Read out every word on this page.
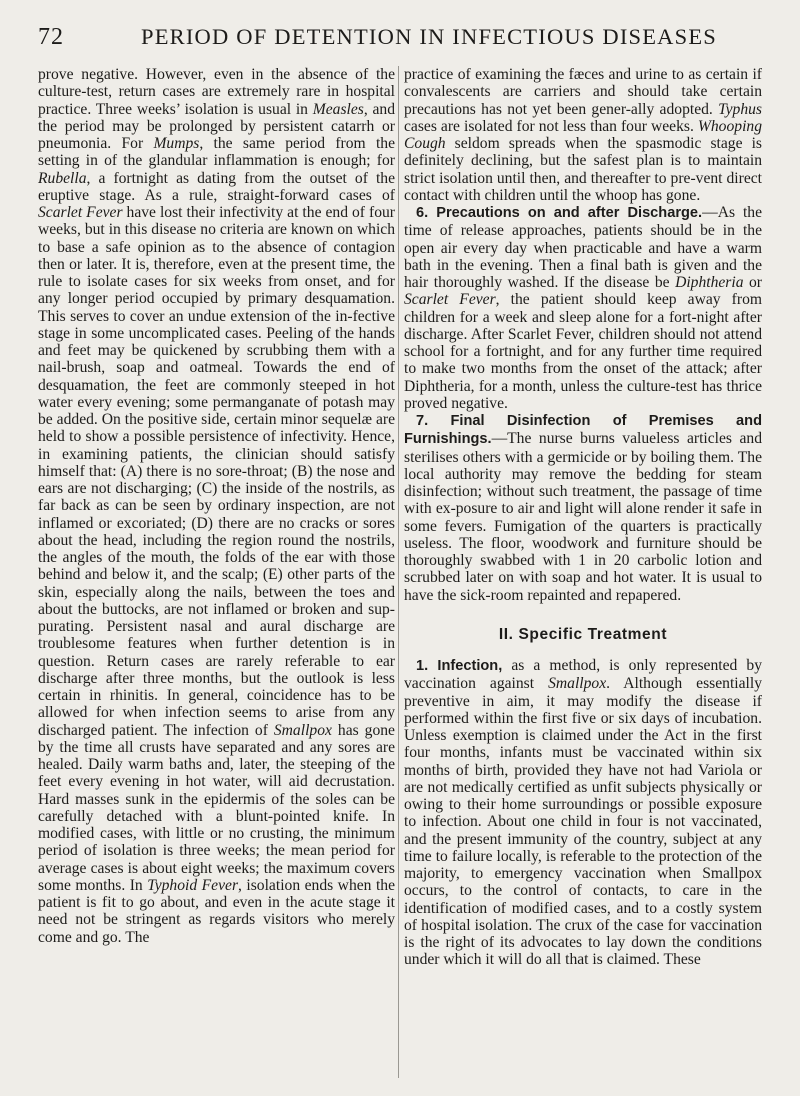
72	PERIOD OF DETENTION IN INFECTIOUS DISEASES

prove negative. However, even in the absence of the culture-test, return cases are extremely rare in hospital practice. Three weeks’ isolation is usual in Measles, and the period may be prolonged by persistent catarrh or pneumonia. For Mumps, the same period from the setting in of the glandular inflammation is enough; for Rubella, a fortnight as dating from the outset of the eruptive stage. As a rule, straight-forward cases of Scarlet Fever have lost their infectivity at the end of four weeks, but in this disease no criteria are known on which to base a safe opinion as to the absence of contagion then or later. It is, therefore, even at the present time, the rule to isolate cases for six weeks from onset, and for any longer period occupied by primary desquamation. This serves to cover an undue extension of the in-fective stage in some uncomplicated cases. Peeling of the hands and feet may be quickened by scrubbing them with a nail-brush, soap and oatmeal. Towards the end of desquamation, the feet are commonly steeped in hot water every evening; some permanganate of potash may be added. On the positive side, certain minor sequelæ are held to show a possible persistence of infectivity. Hence, in examining patients, the clinician should satisfy himself that: (A) there is no sore-throat; (B) the nose and ears are not discharging; (C) the inside of the nostrils, as far back as can be seen by ordinary inspection, are not inflamed or excoriated; (D) there are no cracks or sores about the head, including the region round the nostrils, the angles of the mouth, the folds of the ear with those behind and below it, and the scalp; (E) other parts of the skin, especially along the nails, between the toes and about the buttocks, are not inflamed or broken and sup-purating. Persistent nasal and aural discharge are troublesome features when further detention is in question. Return cases are rarely referable to ear discharge after three months, but the outlook is less certain in rhinitis. In general, coincidence has to be allowed for when infection seems to arise from any discharged patient. The infection of Smallpox has gone by the time all crusts have separated and any sores are healed. Daily warm baths and, later, the steeping of the feet every evening in hot water, will aid decrustation. Hard masses sunk in the epidermis of the soles can be carefully detached with a blunt-pointed knife. In modified cases, with little or no crusting, the minimum period of isolation is three weeks; the mean period for average cases is about eight weeks; the maximum covers some months. In Typhoid Fever, isolation ends when the patient is fit to go about, and even in the acute stage it need not be stringent as regards visitors who merely come and go. The

practice of examining the fæces and urine to as certain if convalescents are carriers and should take certain precautions has not yet been gener-ally adopted. Typhus cases are isolated for not less than four weeks. Whooping Cough seldom spreads when the spasmodic stage is definitely declining, but the safest plan is to maintain strict isolation until then, and thereafter to pre-vent direct contact with children until the whoop has gone.

6. Precautions on and after Discharge.—As the time of release approaches, patients should be in the open air every day when practicable and have a warm bath in the evening. Then a final bath is given and the hair thoroughly washed. If the disease be Diphtheria or Scarlet Fever, the patient should keep away from children for a week and sleep alone for a fort-night after discharge. After Scarlet Fever, children should not attend school for a fortnight, and for any further time required to make two months from the onset of the attack; after Diphtheria, for a month, unless the culture-test has thrice proved negative.

7. Final Disinfection of Premises and Furnishings.—The nurse burns valueless articles and sterilises others with a germicide or by boiling them. The local authority may remove the bedding for steam disinfection; without such treatment, the passage of time with ex-posure to air and light will alone render it safe in some fevers. Fumigation of the quarters is practically useless. The floor, woodwork and furniture should be thoroughly swabbed with 1 in 20 carbolic lotion and scrubbed later on with soap and hot water. It is usual to have the sick-room repainted and repapered.

II. Specific Treatment

1. Infection, as a method, is only represented by vaccination against Smallpox. Although essentially preventive in aim, it may modify the disease if performed within the first five or six days of incubation. Unless exemption is claimed under the Act in the first four months, infants must be vaccinated within six months of birth, provided they have not had Variola or are not medically certified as unfit subjects physically or owing to their home surroundings or possible exposure to infection. About one child in four is not vaccinated, and the present immunity of the country, subject at any time to failure locally, is referable to the protection of the majority, to emergency vaccination when Smallpox occurs, to the control of contacts, to care in the identification of modified cases, and to a costly system of hospital isolation. The crux of the case for vaccination is the right of its advocates to lay down the conditions under which it will do all that is claimed. These
